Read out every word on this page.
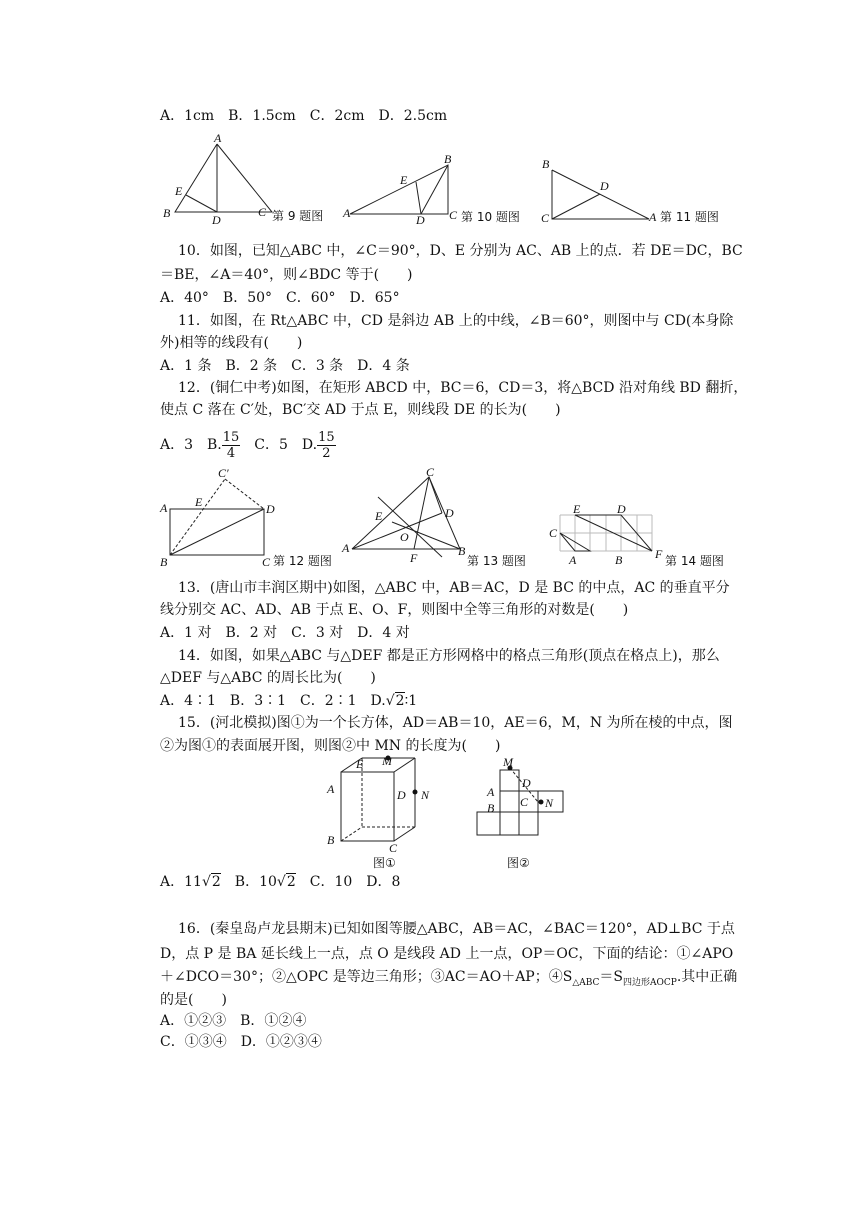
A．1cm　B．1.5cm　C．2cm　D．2.5cm
A
E
B	D
C 第 9 题图
B
E
A	D C 第 10 题图
B
D
C	A 第 11 题图
10．如图，已知△ABC 中，∠C＝90°，D、E 分别为 AC、AB 上的点．若 DE＝DC，BC
＝BE，∠A＝40°，则∠BDC 等于(　　)
A．40°　B．50°　C．60°　D．65°
11．如图，在 Rt△ABC 中，CD 是斜边 AB 上的中线，∠B＝60°，则图中与 CD(本身除
外)相等的线段有(　　)
A．1 条　B．2 条　C．3 条　D．4 条
12．(铜仁中考)如图，在矩形 ABCD 中，BC＝6，CD＝3，将△BCD 沿对角线 BD 翻折，
使点 C 落在 C′处，BC′交 AD 于点 E，则线段 DE 的长为(　　)
A．3　B. $\frac{15}{4}$ 　C．5　D. $\frac{15}{2}$
C′
E
A	D
B	C 第 12 题图
C
E	D
O
A
F	B
第 13 题图
E	D
C
A	B	F 第 14 题图
13．(唐山市丰润区期中)如图，△ABC 中，AB＝AC，D 是 BC 的中点，AC 的垂直平分
线分别交 AC、AD、AB 于点 E、O、F，则图中全等三角形的对数是(　　)
A．1 对　B．2 对　C．3 对　D．4 对
14．如图，如果△ABC 与△DEF 都是正方形网格中的格点三角形(顶点在格点上)，那么
△DEF 与△ABC 的周长比为(　　)
A．4∶1　B．3∶1　C．2∶1　D.√2∶1
15．(河北模拟)图①为一个长方体，AD＝AB＝10，AE＝6，M，N 为所在棱的中点，图
②为图①的表面展开图，则图②中 MN 的长度为(　　)
E M
A	D N
B
C
图①
M
D
A
C N
B
图②
A．11√2　B．10√2　C．10　D．8
16．(秦皇岛卢龙县期末)已知如图等腰△ABC，AB＝AC，∠BAC＝120°，AD⊥BC 于点
D，点 P 是 BA 延长线上一点，点 O 是线段 AD 上一点，OP＝OC，下面的结论：①∠APO
＋∠DCO＝30°；②△OPC 是等边三角形；③AC＝AO＋AP；$④S_{\triangle ABC}=S_{四边形AOCP}$.其中正确
的是(　　)
A．①②③　B．①②④
C．①③④　D．①②③④
